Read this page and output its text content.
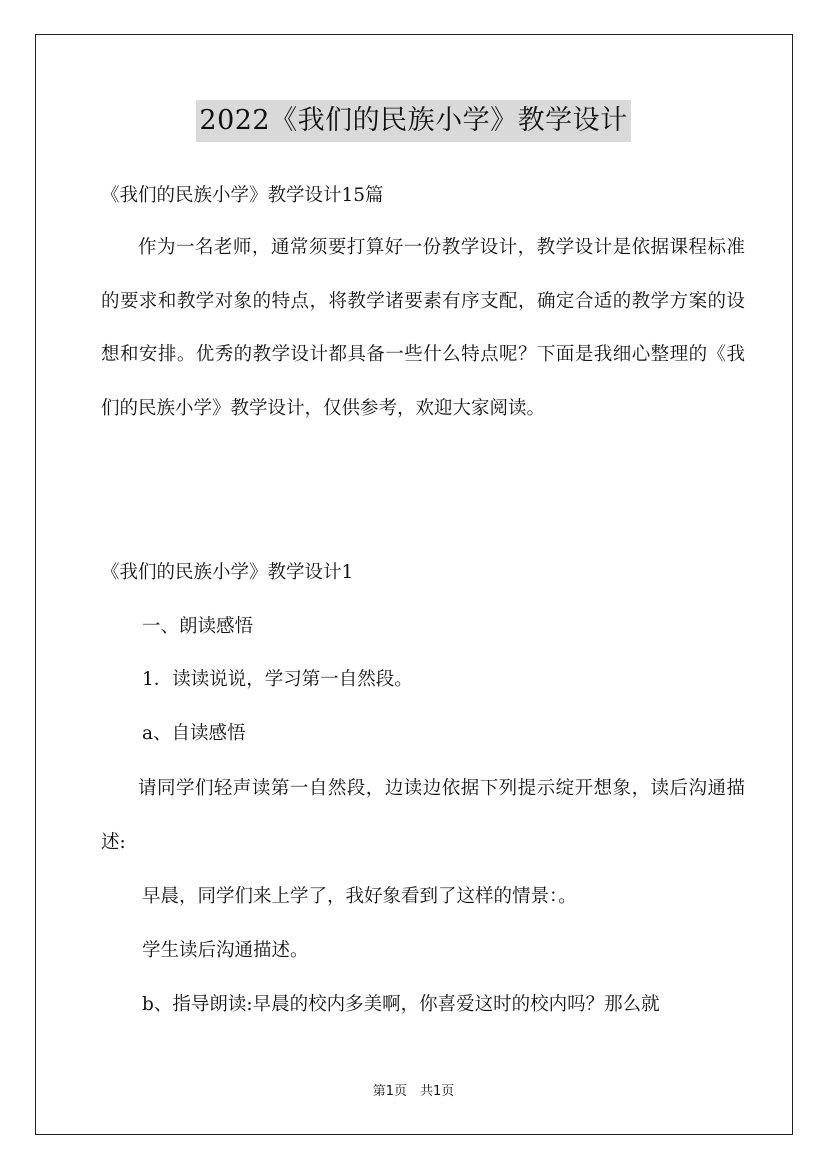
2022《我们的民族小学》教学设计
《我们的民族小学》教学设计15篇

作为一名老师，通常须要打算好一份教学设计，教学设计是依据课程标准的要求和教学对象的特点，将教学诸要素有序支配，确定合适的教学方案的设想和安排。优秀的教学设计都具备一些什么特点呢？下面是我细心整理的《我们的民族小学》教学设计，仅供参考，欢迎大家阅读。

《我们的民族小学》教学设计1
一、朗读感悟
1．读读说说，学习第一自然段。
a、自读感悟

请同学们轻声读第一自然段，边读边依据下列提示绽开想象，读后沟通描述:

早晨，同学们来上学了，我好象看到了这样的情景：。
学生读后沟通描述。
b、指导朗读:早晨的校内多美啊，你喜爱这时的校内吗？那么就
第1页　共1页
